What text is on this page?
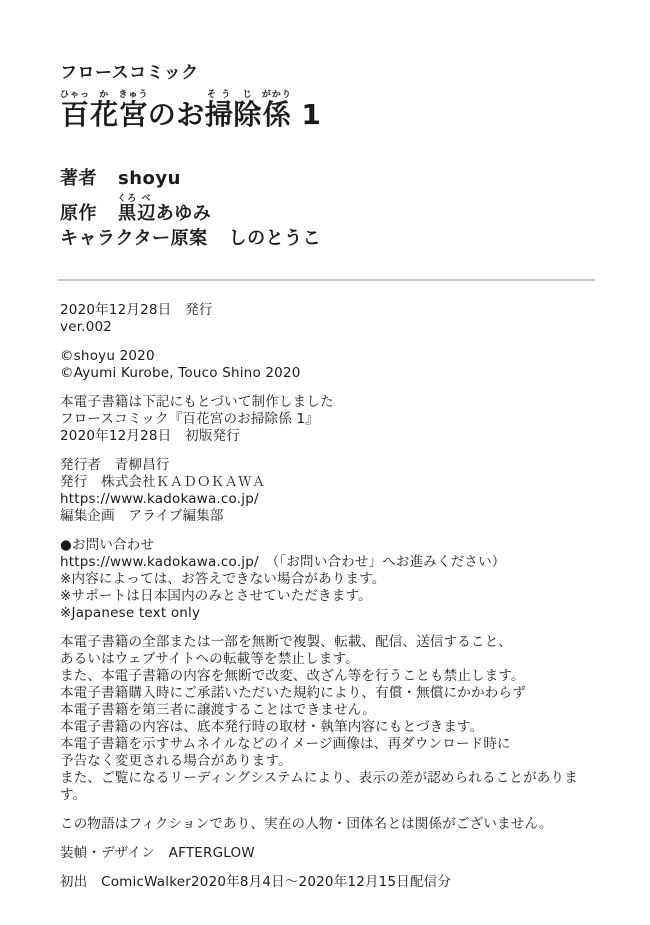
フロースコミック
百ひゃっ花か宮きゅうのお掃そう除じ係がかり 1
著者 shoyu
原作 黒くろ辺べあゆみ
キャラクター原案 しのとうこ

2020年12月28日　発行
ver.002

©shoyu 2020
©Ayumi Kurobe, Touco Shino 2020

本電子書籍は下記にもとづいて制作しました
フロースコミック『百花宮のお掃除係 1』
2020年12月28日　初版発行

発行者　青柳昌行
発行　株式会社ＫＡＤＯＫＡＷＡ
https://www.kadokawa.co.jp/
編集企画　アライブ編集部

●お問い合わせ
https://www.kadokawa.co.jp/　（「お問い合わせ」へお進みください）
※内容によっては、お答えできない場合があります。
※サポートは日本国内のみとさせていただきます。
※Japanese text only

本電子書籍の全部または一部を無断で複製、転載、配信、送信すること、
あるいはウェブサイトへの転載等を禁止します。
また、本電子書籍の内容を無断で改変、改ざん等を行うことも禁止します。
本電子書籍購入時にご承諾いただいた規約により、有償・無償にかかわらず
本電子書籍を第三者に譲渡することはできません。
本電子書籍の内容は、底本発行時の取材・執筆内容にもとづきます。
本電子書籍を示すサムネイルなどのイメージ画像は、再ダウンロード時に
予告なく変更される場合があります。
また、ご覧になるリーディングシステムにより、表示の差が認められることがあります。

この物語はフィクションであり、実在の人物・団体名とは関係がございません。

装幀・デザイン　AFTERGLOW

初出　ComicWalker2020年8月4日～2020年12月15日配信分
